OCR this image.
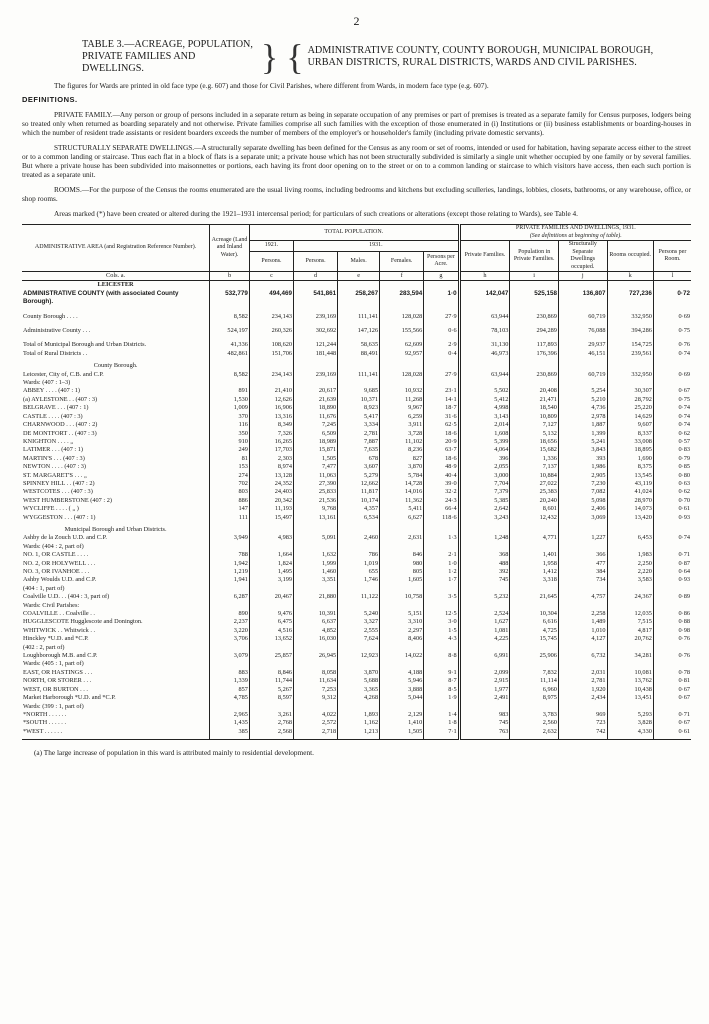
2
TABLE 3.—ACREAGE, POPULATION, PRIVATE FAMILIES AND DWELLINGS.	} { ADMINISTRATIVE COUNTY, COUNTY BOROUGH, MUNICIPAL BOROUGH, URBAN DISTRICTS, RURAL DISTRICTS, WARDS AND CIVIL PARISHES.

The figures for Wards are printed in old face type (e.g. 607) and those for Civil Parishes, where different from Wards, in modern face type (e.g. 607).

DEFINITIONS.

PRIVATE FAMILY.—Any person or group of persons included in a separate return as being in separate occupation of any premises or part of premises is treated as a separate family for Census purposes, lodgers being so treated only when returned as boarding separately and not otherwise. Private families comprise all such families with the exception of those enumerated in (i) Institutions or (ii) business establishments or boarding-houses in which the number of resident trade assistants or resident boarders exceeds the number of members of the employer's or householder's family (including private domestic servants).

STRUCTURALLY SEPARATE DWELLINGS.—A structurally separate dwelling has been defined for the Census as any room or set of rooms, intended or used for habitation, having separate access either to the street or to a common landing or staircase. Thus each flat in a block of flats is a separate unit; a private house which has not been structurally subdivided is similarly a single unit whether occupied by one family or by several families. But where a private house has been subdivided into maisonnettes or portions, each having its front door opening on to the street or on to a common landing or staircase to which visitors have access, then each such portion is treated as a separate unit.

ROOMS.—For the purpose of the Census the rooms enumerated are the usual living rooms, including bedrooms and kitchens but excluding sculleries, landings, lobbies, closets, bathrooms, or any warehouse, office, or shop rooms.

Areas marked (*) have been created or altered during the 1921–1931 intercensal period; for particulars of such creations or alterations (except those relating to Wards), see Table 4.

ADMINISTRATIVE AREA (and Registration Reference Number).	Acreage (Land and Inland Water).	TOTAL POPULATION.					PRIVATE FAMILIES AND DWELLINGS, 1931.
(See definitions at beginning of table).				
		1921.	1931.				Private Families.	Population in Private Families.	Structurally Separate Dwellings occupied.	Rooms occupied.	Persons per Room.
		Persons.	Persons.	Males.	Females.	Persons per Acre.					
Cols. a.	b	c	d	e	f	g	h	i	j	k	l
LEICESTER											
ADMINISTRATIVE COUNTY (with associated County Borough).	532,779	494,469	541,861	258,267	283,594	1·0	142,047	525,158	136,807	727,236	0·72

County Borough . . . .	8,582	234,143	239,169	111,141	128,028	27·9	63,944	230,869	60,719	332,950	0·69

Administrative County . . .	524,197	260,326	302,692	147,126	155,566	0·6	78,103	294,289	76,088	394,286	0·75

Total of Municipal Borough and Urban Districts.	41,336	108,620	121,244	58,635	62,609	2·9	31,130	117,893	29,937	154,725	0·76
Total of Rural Districts . .	482,861	151,706	181,448	88,491	92,957	0·4	46,973	176,396	46,151	239,561	0·74
County Borough.											
Leicester, City of, C.B. and C.P.	8,582	234,143	239,169	111,141	128,028	27·9	63,944	230,869	60,719	332,950	0·69
Wards: (407 : 1–3)											
ABBEY . . . . (407 : 1)	891	21,410	20,617	9,685	10,932	23·1	5,502	20,408	5,254	30,307	0·67
(a) AYLESTONE . . (407 : 3)	1,530	12,626	21,639	10,371	11,268	14·1	5,412	21,471	5,210	28,792	0·75
BELGRAVE . . . (407 : 1)	1,009	16,906	18,890	8,923	9,967	18·7	4,998	18,540	4,736	25,220	0·74
CASTLE . . . . (407 : 3)	370	13,316	11,676	5,417	6,259	31·6	3,143	10,809	2,978	14,629	0·74
CHARNWOOD . . . (407 : 2)	116	8,349	7,245	3,334	3,911	62·5	2,014	7,127	1,887	9,607	0·74
DE MONTFORT . . (407 : 3)	350	7,326	6,509	2,781	3,728	18·6	1,608	5,132	1,399	8,337	0·62
KNIGHTON . . . . „	910	16,265	18,989	7,887	11,102	20·9	5,399	18,656	5,241	33,008	0·57
LATIMER . . . (407 : 1)	249	17,703	15,871	7,635	8,236	63·7	4,064	15,682	3,843	18,895	0·83
MARTIN'S . . . (407 : 3)	81	2,303	1,505	678	827	18·6	396	1,336	393	1,690	0·79
NEWTON . . . . (407 : 3)	153	8,974	7,477	3,607	3,870	48·9	2,055	7,137	1,986	8,375	0·85
ST. MARGARET'S . . . „	274	13,128	11,063	5,279	5,784	40·4	3,000	10,884	2,905	13,545	0·80
SPINNEY HILL . . (407 : 2)	702	24,352	27,390	12,662	14,728	39·0	7,704	27,022	7,230	43,119	0·63
WESTCOTES . . . (407 : 3)	803	24,403	25,833	11,817	14,016	32·2	7,379	25,383	7,082	41,024	0·62
WEST HUMBERSTONE (407 : 2)	886	20,342	21,536	10,174	11,362	24·3	5,385	20,240	5,098	28,970	0·70
WYCLIFFE . . . . ( „ )	147	11,193	9,768	4,357	5,411	66·4	2,642	8,601	2,406	14,073	0·61
WYGGESTON . . . (407 : 1)	111	15,497	13,161	6,534	6,627	118·6	3,243	12,432	3,069	13,420	0·93
Municipal Borough and Urban Districts.											
Ashby de la Zouch U.D. and C.P.	3,949	4,983	5,091	2,460	2,631	1·3	1,248	4,771	1,227	6,453	0·74
Wards: (404 : 2, part of)											
NO. 1, OR CASTLE . . . .	788	1,664	1,632	786	846	2·1	368	1,401	366	1,983	0·71
NO. 2, OR HOLYWELL . . .	1,942	1,824	1,999	1,019	980	1·0	488	1,958	477	2,250	0·87
NO. 3, OR IVANHOE . . .	1,219	1,495	1,460	655	805	1·2	392	1,412	384	2,220	0·64
Ashby Woulds U.D. and C.P.	1,941	3,199	3,351	1,746	1,605	1·7	745	3,318	734	3,583	0·93
(404 : 1, part of)											
Coalville U.D. . . (404 : 3, part of)	6,287	20,467	21,880	11,122	10,758	3·5	5,232	21,645	4,757	24,367	0·89
Wards: Civil Parishes:											
COALVILLE . . Coalville . .	890	9,476	10,391	5,240	5,151	12·5	2,524	10,304	2,258	12,035	0·86
HUGGLESCOTE Hugglescote and Donington.	2,237	6,475	6,637	3,327	3,310	3·0	1,627	6,616	1,489	7,515	0·88
WHITWICK . . Whitwick . .	3,220	4,516	4,852	2,555	2,297	1·5	1,081	4,725	1,010	4,817	0·98
Hinckley *U.D. and *C.P.	3,706	13,652	16,030	7,624	8,406	4·3	4,225	15,745	4,127	20,762	0·76
(402 : 2, part of)											
Loughborough M.B. and C.P.	3,079	25,857	26,945	12,923	14,022	8·8	6,991	25,906	6,732	34,281	0·76
Wards: (405 : 1, part of)											
EAST, OR HASTINGS . . .	883	8,846	8,058	3,870	4,188	9·1	2,099	7,832	2,031	10,081	0·78
NORTH, OR STORER . . .	1,339	11,744	11,634	5,688	5,946	8·7	2,915	11,114	2,781	13,762	0·81
WEST, OR BURTON . . .	857	5,267	7,253	3,365	3,888	8·5	1,977	6,960	1,920	10,438	0·67
Market Harborough *U.D. and *C.P.	4,785	8,597	9,312	4,268	5,044	1·9	2,491	8,975	2,434	13,451	0·67
Wards: (399 : 1, part of)											
*NORTH . . . . . .	2,965	3,261	4,022	1,893	2,129	1·4	983	3,783	969	5,293	0·71
*SOUTH . . . . . .	1,435	2,768	2,572	1,162	1,410	1·8	745	2,560	723	3,828	0·67
*WEST . . . . . .	385	2,568	2,718	1,213	1,505	7·1	763	2,632	742	4,330	0·61

(a) The large increase of population in this ward is attributed mainly to residential development.
